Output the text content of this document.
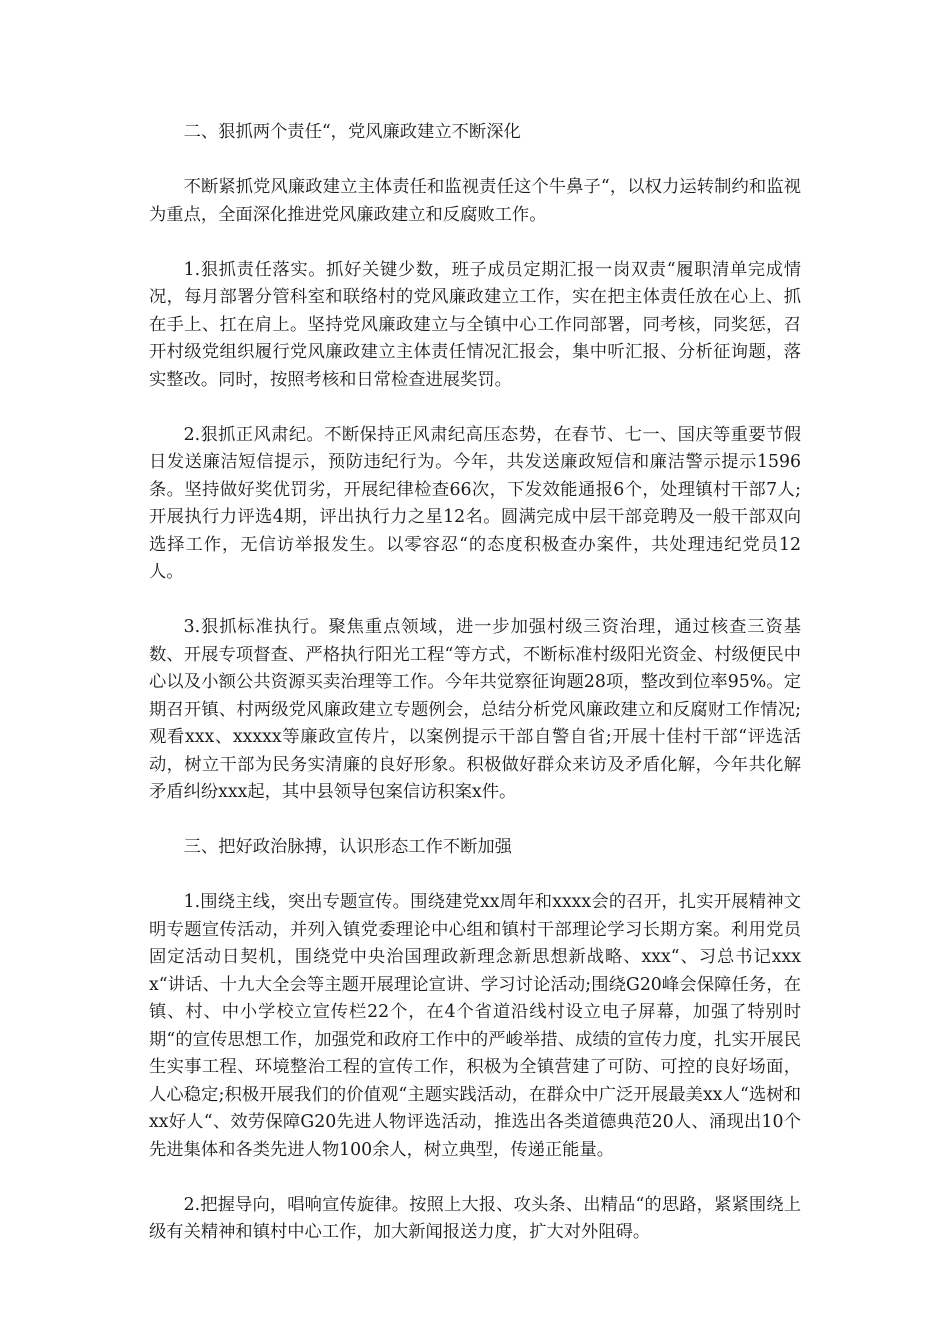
二、狠抓两个责任“，党风廉政建立不断深化

不断紧抓党风廉政建立主体责任和监视责任这个牛鼻子“，以权力运转制约和监视为重点，全面深化推进党风廉政建立和反腐败工作。

1.狠抓责任落实。抓好关键少数，班子成员定期汇报一岗双责“履职清单完成情况，每月部署分管科室和联络村的党风廉政建立工作，实在把主体责任放在心上、抓在手上、扛在肩上。坚持党风廉政建立与全镇中心工作同部署，同考核，同奖惩，召开村级党组织履行党风廉政建立主体责任情况汇报会，集中听汇报、分析征询题，落实整改。同时，按照考核和日常检查进展奖罚。

2.狠抓正风肃纪。不断保持正风肃纪高压态势，在春节、七一、国庆等重要节假日发送廉洁短信提示，预防违纪行为。今年，共发送廉政短信和廉洁警示提示1596条。坚持做好奖优罚劣，开展纪律检查66次，下发效能通报6个，处理镇村干部7人;开展执行力评选4期，评出执行力之星12名。圆满完成中层干部竞聘及一般干部双向选择工作，无信访举报发生。以零容忍“的态度积极查办案件，共处理违纪党员12人。

3.狠抓标准执行。聚焦重点领域，进一步加强村级三资治理，通过核查三资基数、开展专项督查、严格执行阳光工程“等方式，不断标准村级阳光资金、村级便民中心以及小额公共资源买卖治理等工作。今年共觉察征询题28项，整改到位率95%。定期召开镇、村两级党风廉政建立专题例会，总结分析党风廉政建立和反腐财工作情况;观看xxx、xxxxx等廉政宣传片，以案例提示干部自警自省;开展十佳村干部“评选活动，树立干部为民务实清廉的良好形象。积极做好群众来访及矛盾化解，今年共化解矛盾纠纷xxx起，其中县领导包案信访积案x件。

三、把好政治脉搏，认识形态工作不断加强

1.围绕主线，突出专题宣传。围绕建党xx周年和xxxx会的召开，扎实开展精神文明专题宣传活动，并列入镇党委理论中心组和镇村干部理论学习长期方案。利用党员固定活动日契机，围绕党中央治国理政新理念新思想新战略、xxx“、习总书记xxxx“讲话、十九大全会等主题开展理论宣讲、学习讨论活动;围绕G20峰会保障任务，在镇、村、中小学校立宣传栏22个，在4个省道沿线村设立电子屏幕，加强了特别时期“的宣传思想工作，加强党和政府工作中的严峻举措、成绩的宣传力度，扎实开展民生实事工程、环境整治工程的宣传工作，积极为全镇营建了可防、可控的良好场面，人心稳定;积极开展我们的价值观“主题实践活动，在群众中广泛开展最美xx人“选树和xx好人“、效劳保障G20先进人物评选活动，推选出各类道德典范20人、涌现出10个先进集体和各类先进人物100余人，树立典型，传递正能量。

2.把握导向，唱响宣传旋律。按照上大报、攻头条、出精品“的思路，紧紧围绕上级有关精神和镇村中心工作，加大新闻报送力度，扩大对外阻碍。
